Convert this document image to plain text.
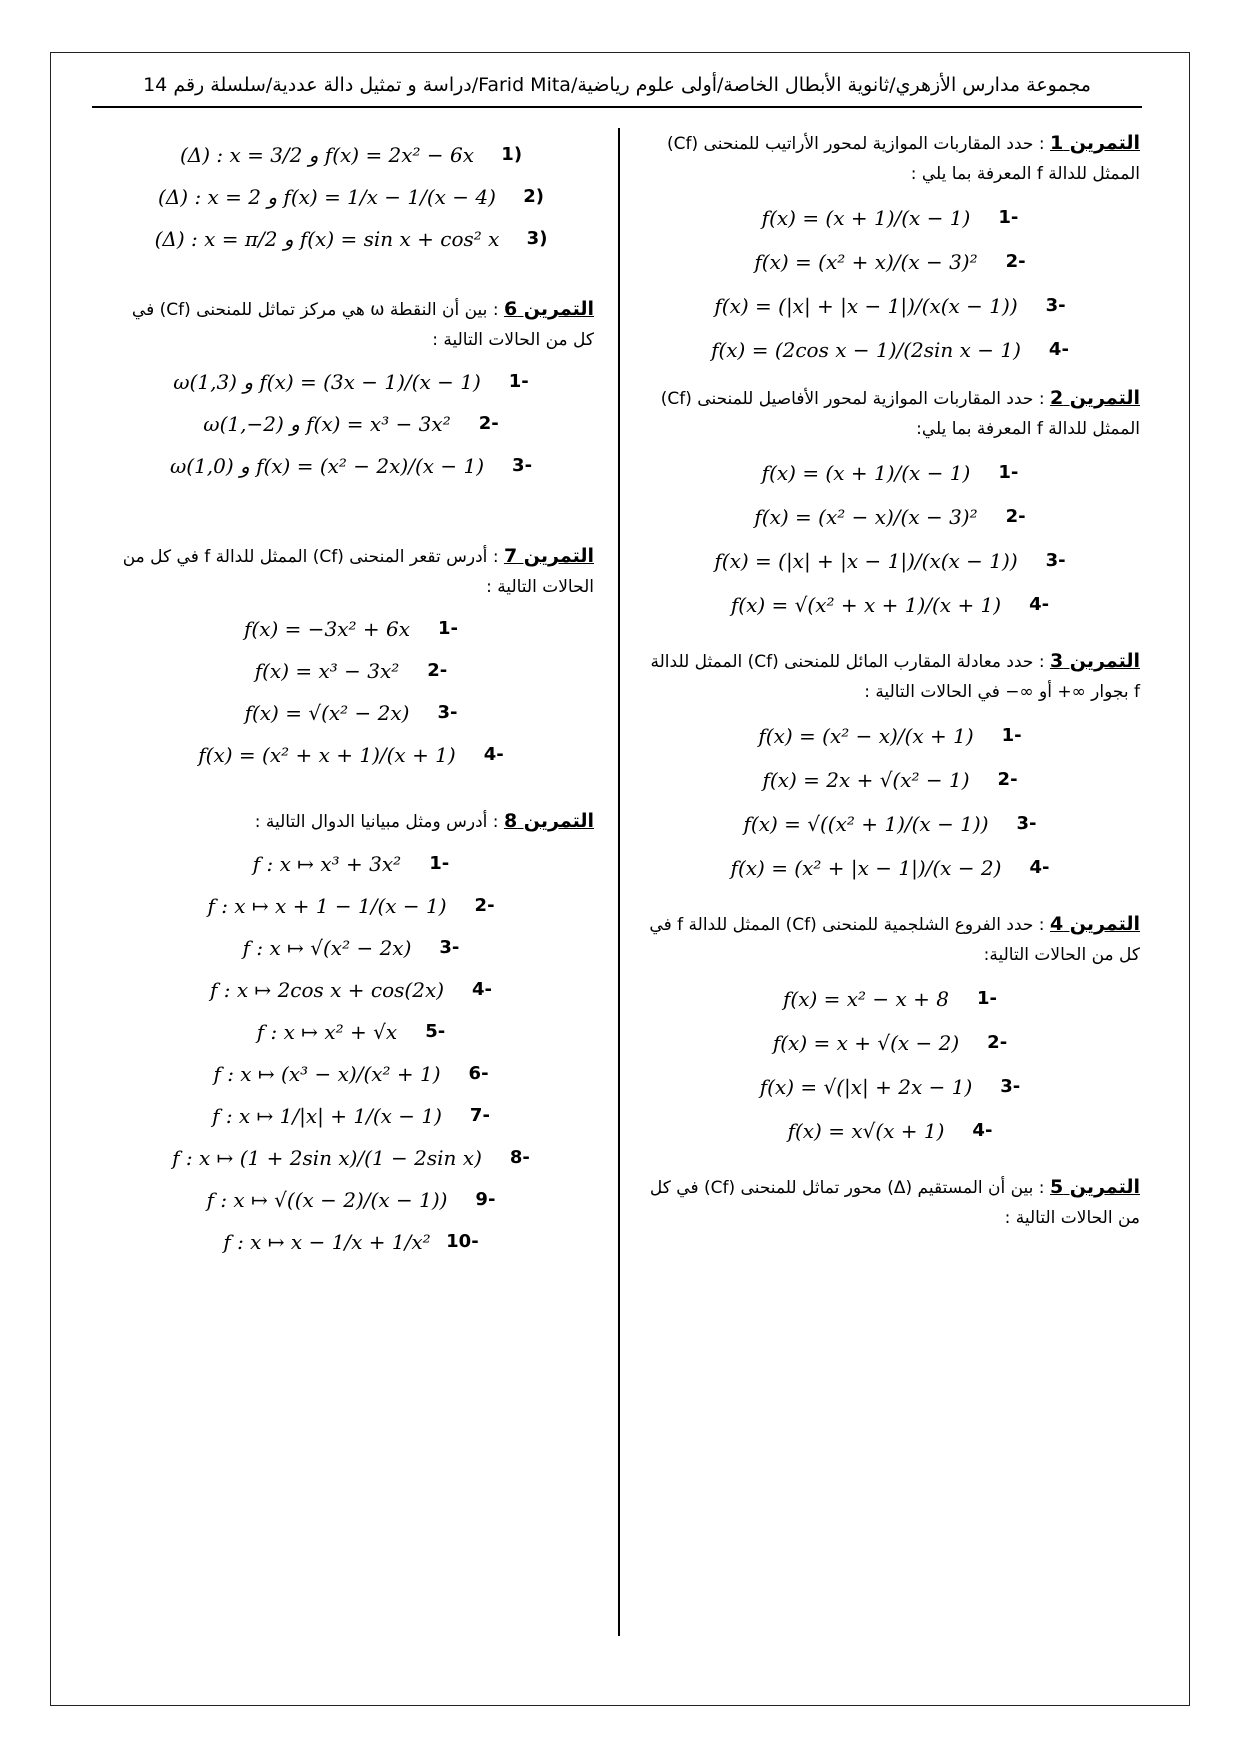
مجموعة مدارس الأزهري/ثانوية الأبطال الخاصة/أولى علوم رياضية/Farid Mita/دراسة و تمثيل دالة عددية/سلسلة رقم 14
التمرين 1 : حدد المقاربات الموازية لمحور الأراتيب للمنحنى (Cf) الممثل للدالة f المعرفة بما يلي :
-1
f(x) = (x + 1)/(x − 1)
-2
f(x) = (x² + x)/(x − 3)²
-3
f(x) = (|x| + |x − 1|)/(x(x − 1))
-4
f(x) = (2cos x − 1)/(2sin x − 1)
التمرين 2 : حدد المقاربات الموازية لمحور الأفاصيل للمنحنى (Cf) الممثل للدالة f المعرفة بما يلي:
-1
f(x) = (x + 1)/(x − 1)
-2
f(x) = (x² − x)/(x − 3)²
-3
f(x) = (|x| + |x − 1|)/(x(x − 1))
-4
f(x) = √(x² + x + 1)/(x + 1)
التمرين 3 : حدد معادلة المقارب المائل للمنحنى (Cf) الممثل للدالة f بجوار ∞+ أو ∞− في الحالات التالية :
-1
f(x) = (x² − x)/(x + 1)
-2
f(x) = 2x + √(x² − 1)
-3
f(x) = √((x² + 1)/(x − 1))
-4
f(x) = (x² + |x − 1|)/(x − 2)
التمرين 4 : حدد الفروع الشلجمية للمنحنى (Cf) الممثل للدالة f في كل من الحالات التالية:
-1
f(x) = x² − x + 8
-2
f(x) = x + √(x − 2)
-3
f(x) = √(|x| + 2x − 1)
-4
f(x) = x√(x + 1)
التمرين 5 : بين أن المستقيم (Δ) محور تماثل للمنحنى (Cf) في كل من الحالات التالية :
(1
(Δ) : x = 3/2 و f(x) = 2x² − 6x
(2
(Δ) : x = 2 و f(x) = 1/x − 1/(x − 4)
(3
(Δ) : x = π/2 و f(x) = sin x + cos² x
التمرين 6 : بين أن النقطة ω هي مركز تماثل للمنحنى (Cf) في كل من الحالات التالية :
-1
ω(1,3) و f(x) = (3x − 1)/(x − 1)
-2
ω(1,−2) و f(x) = x³ − 3x²
-3
ω(1,0) و f(x) = (x² − 2x)/(x − 1)
التمرين 7 : أدرس تقعر المنحنى (Cf) الممثل للدالة f في كل من الحالات التالية :
-1
f(x) = −3x² + 6x
-2
f(x) = x³ − 3x²
-3
f(x) = √(x² − 2x)
-4
f(x) = (x² + x + 1)/(x + 1)
التمرين 8 : أدرس ومثل مبيانيا الدوال التالية :
-1
f : x ↦ x³ + 3x²
-2
f : x ↦ x + 1 − 1/(x − 1)
-3
f : x ↦ √(x² − 2x)
-4
f : x ↦ 2cos x + cos(2x)
-5
f : x ↦ x² + √x
-6
f : x ↦ (x³ − x)/(x² + 1)
-7
f : x ↦ 1/|x| + 1/(x − 1)
-8
f : x ↦ (1 + 2sin x)/(1 − 2sin x)
-9
f : x ↦ √((x − 2)/(x − 1))
-10
f : x ↦ x − 1/x + 1/x²
